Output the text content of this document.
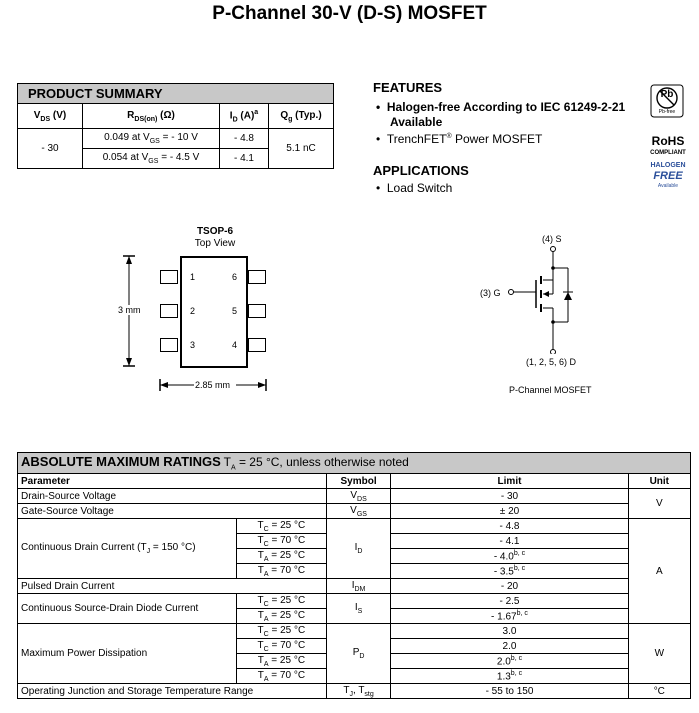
P-Channel 30-V (D-S) MOSFET
PRODUCT SUMMARY			
$V_{DS}$ (V)	$R_{DS(on)}$ (Ω)	$I_D$ $(A)^a$	$Q_g$ (Typ.)
- 30	0.049 at $V_{GS}$ = - 10 V	- 4.8	5.1 nC
	0.054 at $V_{GS}$ = - 4.5 V	- 4.1	
FEATURES
•  Halogen-free According to IEC 61249-2-21
Available
•  TrenchFET® Power MOSFET
APPLICATIONS
•  Load Switch
Pb
Pb-free
RoHS
COMPLIANT
HALOGEN
FREE
Available
TSOP-6
Top View
1
2
3
6
5
4
3 mm
2.85 mm
(4) S
(3) G
(1, 2, 5, 6) D
P-Channel MOSFET
ABSOLUTE MAXIMUM RATINGS $T_A = 25$ °C, unless otherwise noted				
Parameter		Symbol	Limit	Unit
Drain-Source Voltage		$V_{DS}$	- 30	V
Gate-Source Voltage		$V_{GS}$	± 20	
Continuous Drain Current ($T_J = 150$ °C)	$T_C = 25$ °C	$I_D$	- 4.8	A
	$T_C = 70$ °C		- 4.1	
	$T_A = 25$ °C		- 4.0$^{b, c}$
	$T_A = 70$ °C		- 3.5$^{b, c}$
Pulsed Drain Current		$I_{DM}$	- 20	
Continuous Source-Drain Diode Current	$T_C = 25$ °C	$I_S$	- 2.5	
	$T_A = 25$ °C		- 1.67$^{b, c}$
Maximum Power Dissipation	$T_C = 25$ °C	$P_D$	3.0	W
	$T_C = 70$ °C		2.0	
	$T_A = 25$ °C		2.0$^{b, c}$
	$T_A = 70$ °C		1.3$^{b, c}$
Operating Junction and Storage Temperature Range		$T_J$, $T_{stg}$	- 55 to 150	°C
